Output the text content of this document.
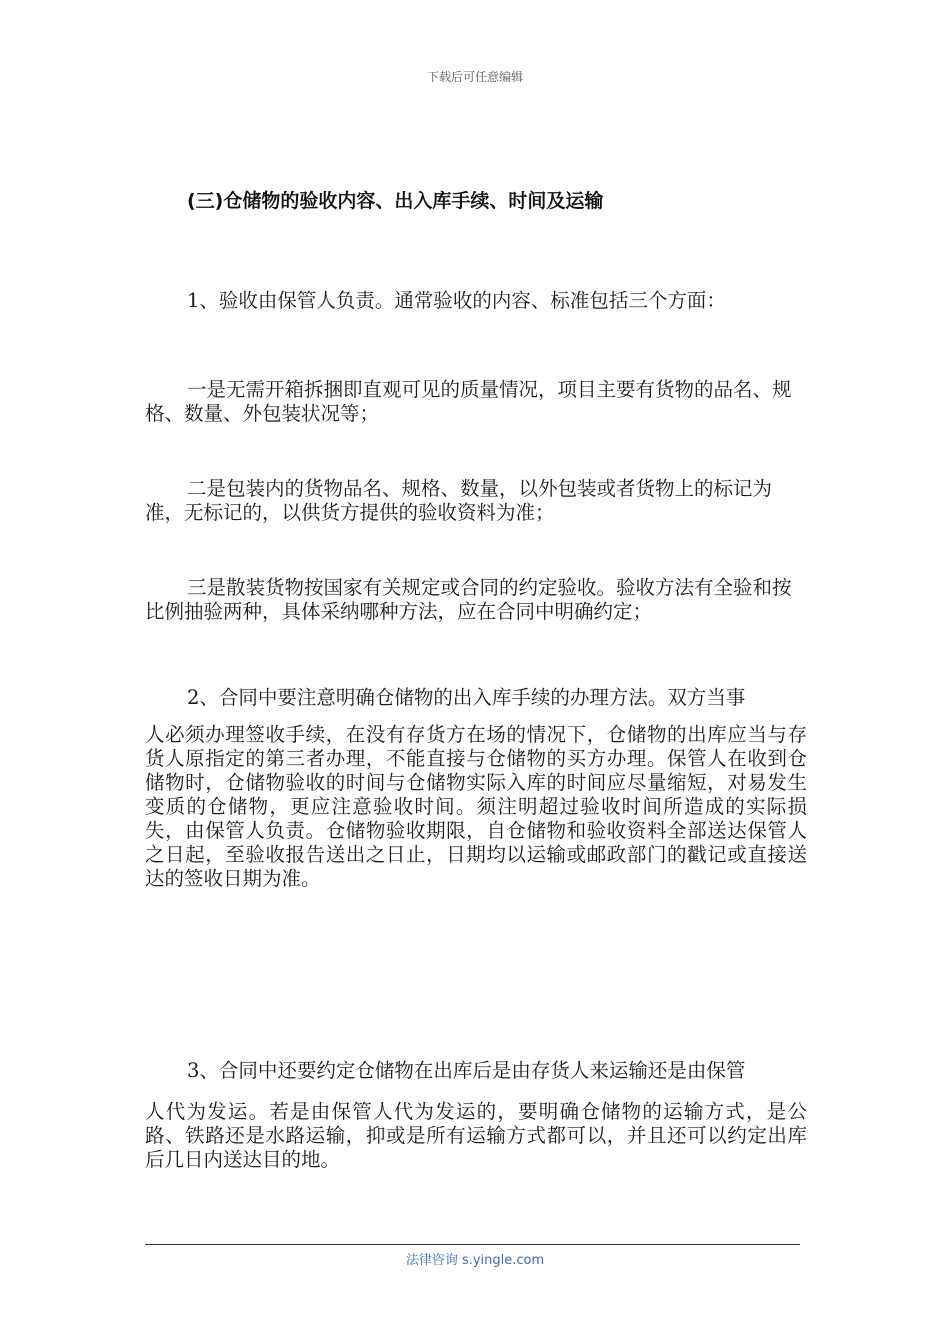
下载后可任意编辑
(三)仓储物的验收内容、出入库手续、时间及运输
1、验收由保管人负责。通常验收的内容、标准包括三个方面：

一是无需开箱拆捆即直观可见的质量情况，项目主要有货物的品名、规格、数量、外包装状况等；

二是包装内的货物品名、规格、数量，以外包装或者货物上的标记为准，无标记的，以供货方提供的验收资料为准；

三是散装货物按国家有关规定或合同的约定验收。验收方法有全验和按比例抽验两种，具体采纳哪种方法，应在合同中明确约定；

2、合同中要注意明确仓储物的出入库手续的办理方法。双方当事

人必须办理签收手续，在没有存货方在场的情况下，仓储物的出库应当与存货人原指定的第三者办理，不能直接与仓储物的买方办理。保管人在收到仓储物时，仓储物验收的时间与仓储物实际入库的时间应尽量缩短，对易发生变质的仓储物，更应注意验收时间。须注明超过验收时间所造成的实际损失，由保管人负责。仓储物验收期限，自仓储物和验收资料全部送达保管人之日起，至验收报告送出之日止，日期均以运输或邮政部门的戳记或直接送达的签收日期为准。

3、合同中还要约定仓储物在出库后是由存货人来运输还是由保管

人代为发运。若是由保管人代为发运的，要明确仓储物的运输方式，是公路、铁路还是水路运输，抑或是所有运输方式都可以，并且还可以约定出库后几日内送达目的地。

法律咨询 s.yingle.com
